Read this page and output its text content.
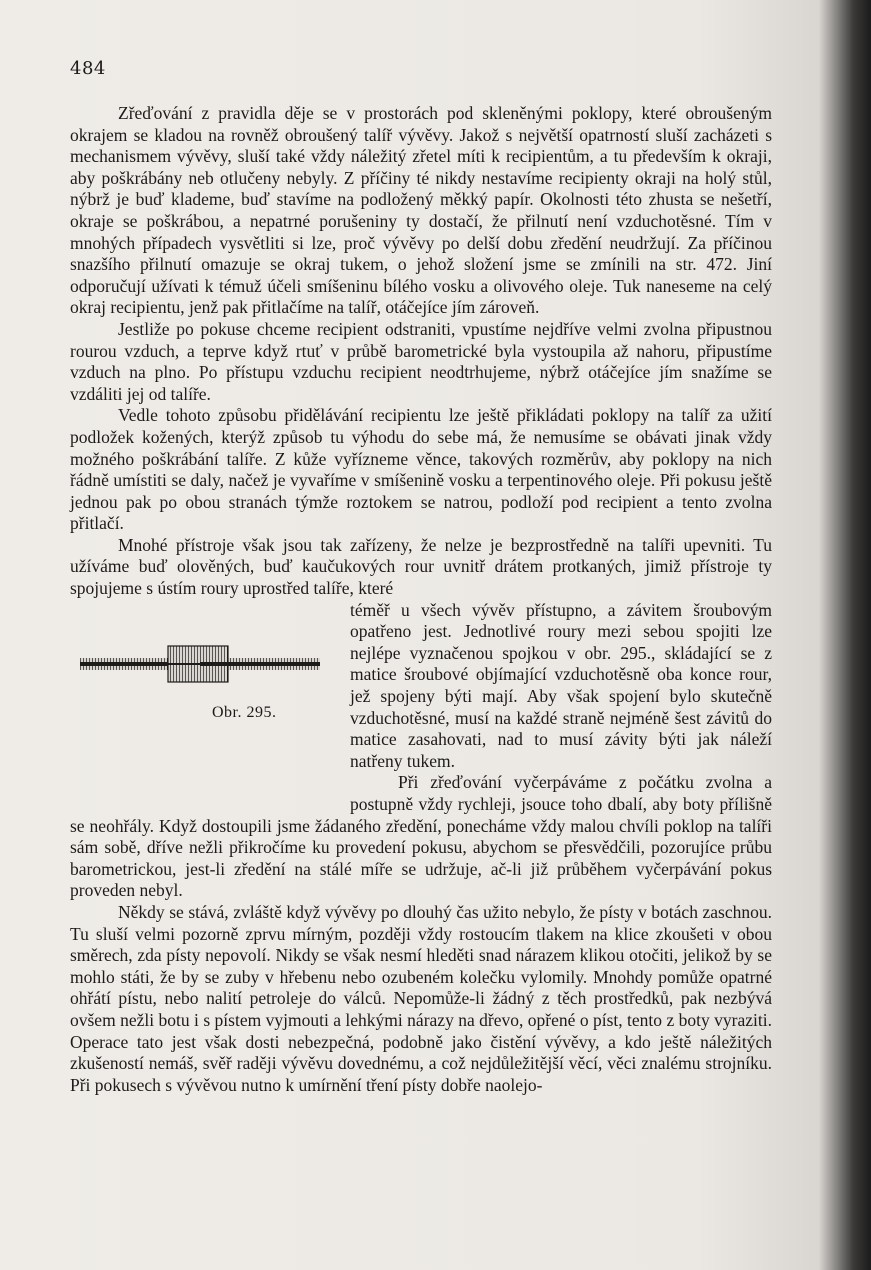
484

Zřeďování z pravidla děje se v prostorách pod skleněnými poklopy, které obroušeným okrajem se kladou na rovněž obroušený talíř vývěvy. Jakož s největší opatrností sluší zacházeti s mechanismem vývěvy, sluší také vždy náležitý zřetel míti k recipientům, a tu především k okraji, aby poškrábány neb otlučeny nebyly. Z příčiny té nikdy nestavíme recipienty okraji na holý stůl, nýbrž je buď klademe, buď stavíme na podložený měkký papír. Okolnosti této zhusta se nešetří, okraje se poškrábou, a nepatrné porušeniny ty dostačí, že přilnutí není vzduchotěsné. Tím v mnohých případech vysvětliti si lze, proč vývěvy po delší dobu zředění neudržují. Za příčinou snazšího přilnutí omazuje se okraj tukem, o jehož složení jsme se zmínili na str. 472. Jiní odporučují užívati k témuž účeli smíšeninu bílého vosku a olivového oleje. Tuk naneseme na celý okraj recipientu, jenž pak přitlačíme na talíř, otáčejíce jím zároveň.

Jestliže po pokuse chceme recipient odstraniti, vpustíme nejdříve velmi zvolna připustnou rourou vzduch, a teprve když rtuť v průbě barometrické byla vystoupila až nahoru, připustíme vzduch na plno. Po přístupu vzduchu recipient neodtrhujeme, nýbrž otáčejíce jím snažíme se vzdáliti jej od talíře.

Vedle tohoto způsobu přidělávání recipientu lze ještě přikládati poklopy na talíř za užití podložek kožených, kterýž způsob tu výhodu do sebe má, že nemusíme se obávati jinak vždy možného poškrábání talíře. Z kůže vyřízneme věnce, takových rozměrův, aby poklopy na nich řádně umístiti se daly, načež je vyvaříme v smíšenině vosku a terpentinového oleje. Při pokusu ještě jednou pak po obou stranách týmže roztokem se natrou, podloží pod recipient a tento zvolna přitlačí.

Mnohé přístroje však jsou tak zařízeny, že nelze je bezprostředně na talíři upevniti. Tu užíváme buď olověných, buď kaučukových rour uvnitř drátem protkaných, jimiž přístroje ty spojujeme s ústím roury uprostřed talíře, které

Obr. 295.
téměř u všech vývěv přístupno, a závitem šroubovým opatřeno jest. Jednotlivé roury mezi sebou spojiti lze nejlépe vyznačenou spojkou v obr. 295., skládající se z matice šroubové objímající vzduchotěsně oba konce rour, jež spojeny býti mají. Aby však spojení bylo skutečně vzduchotěsné, musí na každé straně nejméně šest závitů do matice zasahovati, nad to musí závity býti jak náleží natřeny tukem.

Při zřeďování vyčerpáváme z počátku zvolna a postupně vždy rychleji, jsouce toho dbalí, aby boty přílišně se neohřály. Když dostoupili jsme žádaného zředění, ponecháme vždy malou chvíli poklop na talíři sám sobě, dříve nežli přikročíme ku provedení pokusu, abychom se přesvědčili, pozorujíce průbu barometrickou, jest-li zředění na stálé míře se udržuje, ač-li již průběhem vyčerpávání pokus proveden nebyl.

Někdy se stává, zvláště když vývěvy po dlouhý čas užito nebylo, že písty v botách zaschnou. Tu sluší velmi pozorně zprvu mírným, později vždy rostoucím tlakem na klice zkoušeti v obou směrech, zda písty nepovolí. Nikdy se však nesmí hleděti snad nárazem klikou otočiti, jelikož by se mohlo státi, že by se zuby v hřebenu nebo ozubeném kolečku vylomily. Mnohdy pomůže opatrné ohřátí pístu, nebo nalití petroleje do válců. Nepomůže-li žádný z těch prostředků, pak nezbývá ovšem nežli botu i s pístem vyjmouti a lehkými nárazy na dřevo, opřené o píst, tento z boty vyraziti. Operace tato jest však dosti nebezpečná, podobně jako čistění vývěvy, a kdo ještě náležitých zkušeností nemáš, svěř raději vývěvu dovednému, a což nejdůležitější věcí, věci znalému strojníku. Při pokusech s vývěvou nutno k umírnění tření písty dobře naolejo-
